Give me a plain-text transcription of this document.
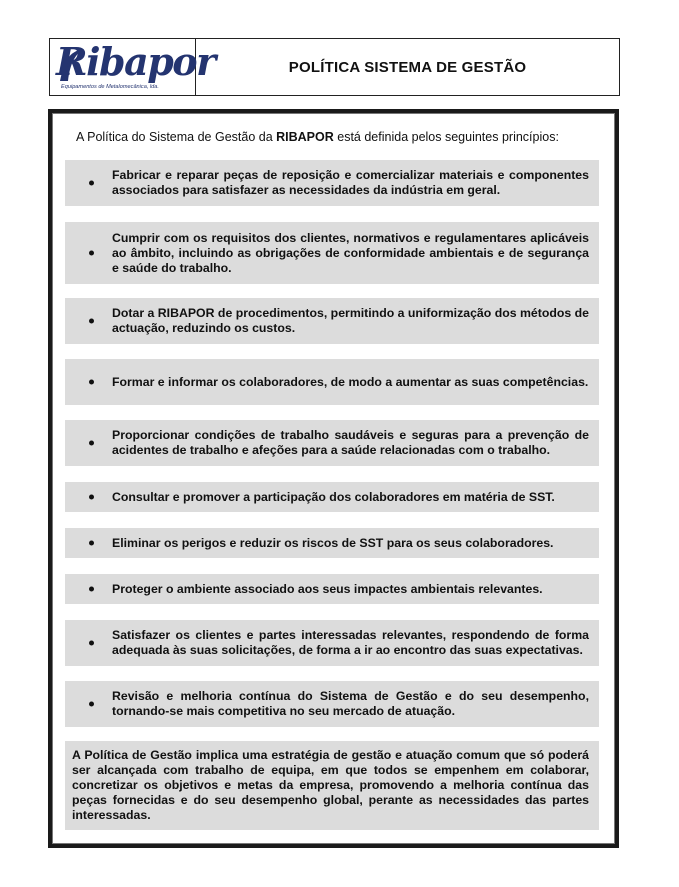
Ribapor
Equipamentos de Metalomecânica, lda.
POLÍTICA SISTEMA DE GESTÃO
A Política do Sistema de Gestão da RIBAPOR está definida pelos seguintes princípios:
Fabricar e reparar peças de reposição e comercializar materiais e componentes associados para satisfazer as necessidades da indústria em geral.
Cumprir com os requisitos dos clientes, normativos e regulamentares aplicáveis ao âmbito, incluindo as obrigações de conformidade ambientais e de segurança e saúde do trabalho.
Dotar a RIBAPOR de procedimentos, permitindo a uniformização dos métodos de actuação, reduzindo os custos.
Formar e informar os colaboradores, de modo a aumentar as suas competências.
Proporcionar condições de trabalho saudáveis e seguras para a prevenção de acidentes de trabalho e afeções para a saúde relacionadas com o trabalho.
Consultar e promover a participação dos colaboradores em matéria de SST.
Eliminar os perigos e reduzir os riscos de SST para os seus colaboradores.
Proteger o ambiente associado aos seus impactes ambientais relevantes.
Satisfazer os clientes e partes interessadas relevantes, respondendo de forma adequada às suas solicitações, de forma a ir ao encontro das suas expectativas.
Revisão e melhoria contínua do Sistema de Gestão e do seu desempenho, tornando-se mais competitiva no seu mercado de atuação.
A Política de Gestão implica uma estratégia de gestão e atuação comum que só poderá ser alcançada com trabalho de equipa, em que todos se empenhem em colaborar, concretizar os objetivos e metas da empresa, promovendo a melhoria contínua das peças fornecidas e do seu desempenho global, perante as necessidades das partes interessadas.
